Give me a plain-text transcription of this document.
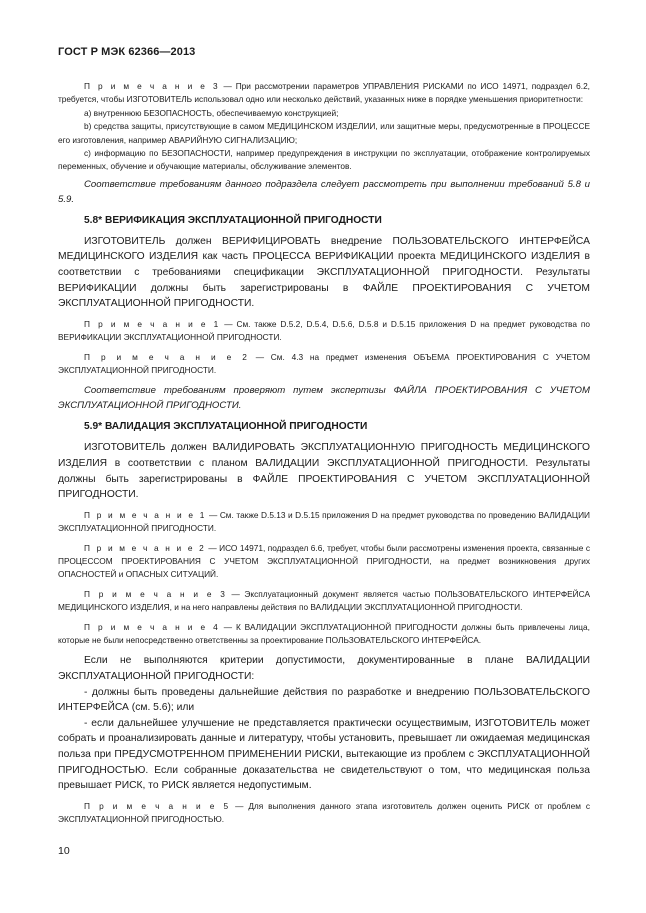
ГОСТ Р МЭК 62366—2013

П р и м е ч а н и е 3 — При рассмотрении параметров УПРАВЛЕНИЯ РИСКАМИ по ИСО 14971, подраздел 6.2, требуется, чтобы ИЗГОТОВИТЕЛЬ использовал одно или несколько действий, указанных ниже в порядке уменьшения приоритетности:

а) внутреннюю БЕЗОПАСНОСТЬ, обеспечиваемую конструкцией;

b) средства защиты, присутствующие в самом МЕДИЦИНСКОМ ИЗДЕЛИИ, или защитные меры, предусмотренные в ПРОЦЕССЕ его изготовления, например АВАРИЙНУЮ СИГНАЛИЗАЦИЮ;

с) информацию по БЕЗОПАСНОСТИ, например предупреждения в инструкции по эксплуатации, отображение контролируемых переменных, обучение и обучающие материалы, обслуживание элементов.

Соответствие требованиям данного подраздела следует рассмотреть при выполнении требований 5.8 и 5.9.

5.8* ВЕРИФИКАЦИЯ ЭКСПЛУАТАЦИОННОЙ ПРИГОДНОСТИ

ИЗГОТОВИТЕЛЬ должен ВЕРИФИЦИРОВАТЬ внедрение ПОЛЬЗОВАТЕЛЬСКОГО ИНТЕРФЕЙСА МЕДИЦИНСКОГО ИЗДЕЛИЯ как часть ПРОЦЕССА ВЕРИФИКАЦИИ проекта МЕДИЦИНСКОГО ИЗДЕЛИЯ в соответствии с требованиями спецификации ЭКСПЛУАТАЦИОННОЙ ПРИГОДНОСТИ. Результаты ВЕРИФИКАЦИИ должны быть зарегистрированы в ФАЙЛЕ ПРОЕКТИРОВАНИЯ С УЧЕТОМ ЭКСПЛУАТАЦИОННОЙ ПРИГОДНОСТИ.

П р и м е ч а н и е 1 — См. также D.5.2, D.5.4, D.5.6, D.5.8 и D.5.15 приложения D на предмет руководства по ВЕРИФИКАЦИИ ЭКСПЛУАТАЦИОННОЙ ПРИГОДНОСТИ.

П р и м е ч а н и е 2 — См. 4.3 на предмет изменения ОБЪЕМА ПРОЕКТИРОВАНИЯ С УЧЕТОМ ЭКСПЛУАТАЦИОННОЙ ПРИГОДНОСТИ.

Соответствие требованиям проверяют путем экспертизы ФАЙЛА ПРОЕКТИРОВАНИЯ С УЧЕТОМ ЭКСПЛУАТАЦИОННОЙ ПРИГОДНОСТИ.

5.9* ВАЛИДАЦИЯ ЭКСПЛУАТАЦИОННОЙ ПРИГОДНОСТИ

ИЗГОТОВИТЕЛЬ должен ВАЛИДИРОВАТЬ ЭКСПЛУАТАЦИОННУЮ ПРИГОДНОСТЬ МЕДИЦИНСКОГО ИЗДЕЛИЯ в соответствии с планом ВАЛИДАЦИИ ЭКСПЛУАТАЦИОННОЙ ПРИГОДНОСТИ. Результаты должны быть зарегистрированы в ФАЙЛЕ ПРОЕКТИРОВАНИЯ С УЧЕТОМ ЭКСПЛУАТАЦИОННОЙ ПРИГОДНОСТИ.

П р и м е ч а н и е 1 — См. также D.5.13 и D.5.15 приложения D на предмет руководства по проведению ВАЛИДАЦИИ ЭКСПЛУАТАЦИОННОЙ ПРИГОДНОСТИ.

П р и м е ч а н и е 2 — ИСО 14971, подраздел 6.6, требует, чтобы были рассмотрены изменения проекта, связанные с ПРОЦЕССОМ ПРОЕКТИРОВАНИЯ С УЧЕТОМ ЭКСПЛУАТАЦИОННОЙ ПРИГОДНОСТИ, на предмет возникновения других ОПАСНОСТЕЙ и ОПАСНЫХ СИТУАЦИЙ.

П р и м е ч а н и е 3 — Эксплуатационный документ является частью ПОЛЬЗОВАТЕЛЬСКОГО ИНТЕРФЕЙСА МЕДИЦИНСКОГО ИЗДЕЛИЯ, и на него направлены действия по ВАЛИДАЦИИ ЭКСПЛУАТАЦИОННОЙ ПРИГОДНОСТИ.

П р и м е ч а н и е 4 — К ВАЛИДАЦИИ ЭКСПЛУАТАЦИОННОЙ ПРИГОДНОСТИ должны быть привлечены лица, которые не были непосредственно ответственны за проектирование ПОЛЬЗОВАТЕЛЬСКОГО ИНТЕРФЕЙСА.

Если не выполняются критерии допустимости, документированные в плане ВАЛИДАЦИИ ЭКСПЛУАТАЦИОННОЙ ПРИГОДНОСТИ:

- должны быть проведены дальнейшие действия по разработке и внедрению ПОЛЬЗОВАТЕЛЬСКОГО ИНТЕРФЕЙСА (см. 5.6); или

- если дальнейшее улучшение не представляется практически осуществимым, ИЗГОТОВИТЕЛЬ может собрать и проанализировать данные и литературу, чтобы установить, превышает ли ожидаемая медицинская польза при ПРЕДУСМОТРЕННОМ ПРИМЕНЕНИИ РИСКИ, вытекающие из проблем с ЭКСПЛУАТАЦИОННОЙ ПРИГОДНОСТЬЮ. Если собранные доказательства не свидетельствуют о том, что медицинская польза превышает РИСК, то РИСК является недопустимым.

П р и м е ч а н и е 5 — Для выполнения данного этапа изготовитель должен оценить РИСК от проблем с ЭКСПЛУАТАЦИОННОЙ ПРИГОДНОСТЬЮ.

10
